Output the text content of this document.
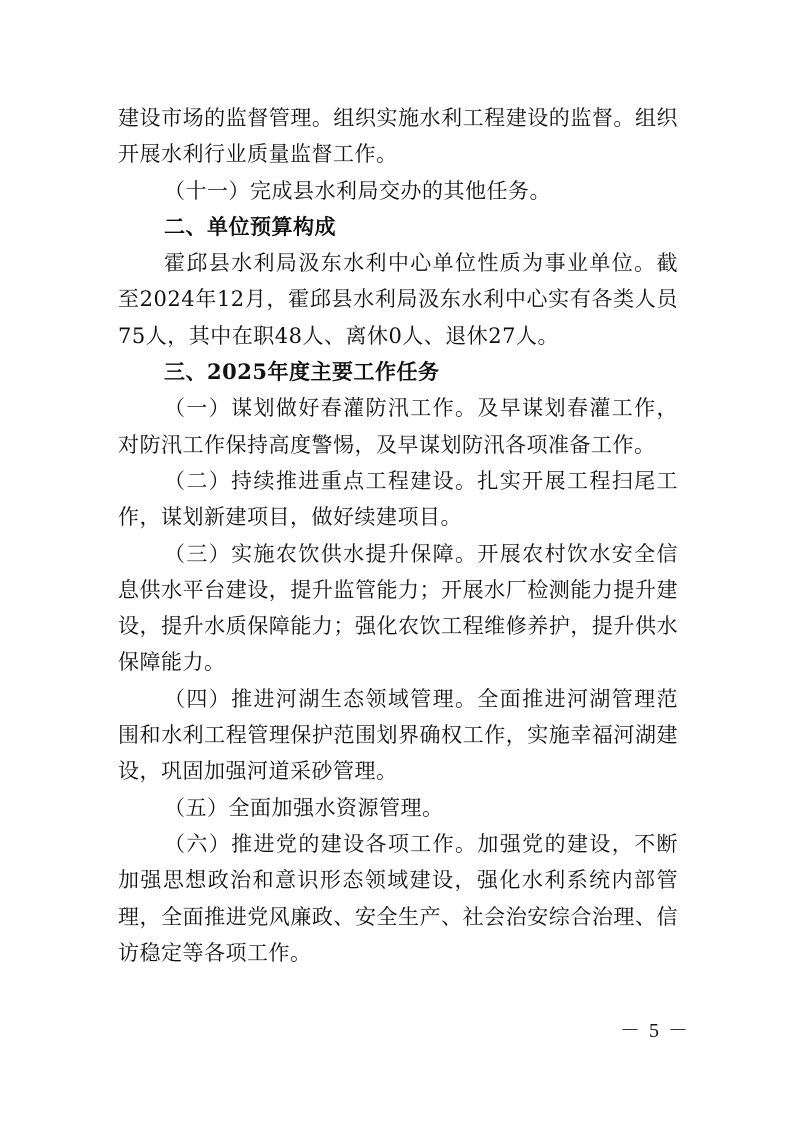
建设市场的监督管理。组织实施水利工程建设的监督。组织开展水利行业质量监督工作。

（十一）完成县水利局交办的其他任务。

二、单位预算构成

霍邱县水利局汲东水利中心单位性质为事业单位。截至2024年12月，霍邱县水利局汲东水利中心实有各类人员75人，其中在职48人、离休0人、退休27人。

三、2025年度主要工作任务

（一）谋划做好春灌防汛工作。及早谋划春灌工作，对防汛工作保持高度警惕，及早谋划防汛各项准备工作。

（二）持续推进重点工程建设。扎实开展工程扫尾工作，谋划新建项目，做好续建项目。

（三）实施农饮供水提升保障。开展农村饮水安全信息供水平台建设，提升监管能力；开展水厂检测能力提升建设，提升水质保障能力；强化农饮工程维修养护，提升供水保障能力。

（四）推进河湖生态领域管理。全面推进河湖管理范围和水利工程管理保护范围划界确权工作，实施幸福河湖建设，巩固加强河道采砂管理。

（五）全面加强水资源管理。

（六）推进党的建设各项工作。加强党的建设，不断加强思想政治和意识形态领域建设，强化水利系统内部管理，全面推进党风廉政、安全生产、社会治安综合治理、信访稳定等各项工作。

－ 5 －
